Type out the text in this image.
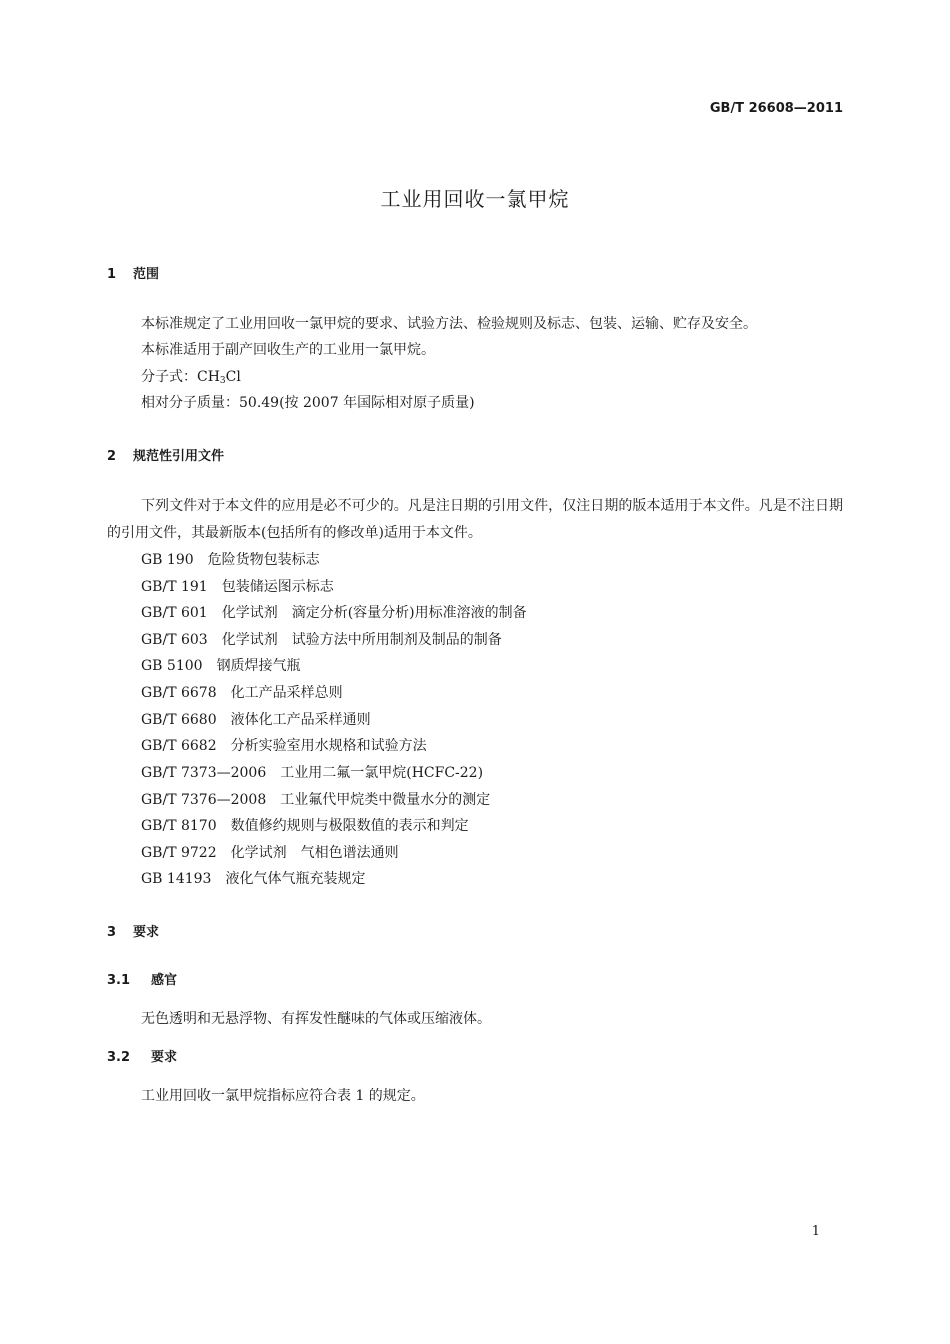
GB/T 26608—2011
工业用回收一氯甲烷
1 范围
本标准规定了工业用回收一氯甲烷的要求、试验方法、检验规则及标志、包装、运输、贮存及安全。
本标准适用于副产回收生产的工业用一氯甲烷。
分子式：$CH_3Cl$
相对分子质量：50.49(按 2007 年国际相对原子质量)
2 规范性引用文件
下列文件对于本文件的应用是必不可少的。凡是注日期的引用文件，仅注日期的版本适用于本文件。凡是不注日期的引用文件，其最新版本(包括所有的修改单)适用于本文件。
GB 190 危险货物包装标志
GB/T 191 包装储运图示标志
GB/T 601 化学试剂　滴定分析(容量分析)用标准溶液的制备
GB/T 603 化学试剂　试验方法中所用制剂及制品的制备
GB 5100 钢质焊接气瓶
GB/T 6678 化工产品采样总则
GB/T 6680 液体化工产品采样通则
GB/T 6682 分析实验室用水规格和试验方法
GB/T 7373—2006 工业用二氟一氯甲烷(HCFC-22)
GB/T 7376—2008 工业氟代甲烷类中微量水分的测定
GB/T 8170 数值修约规则与极限数值的表示和判定
GB/T 9722 化学试剂　气相色谱法通则
GB 14193 液化气体气瓶充装规定
3 要求
3.1 感官
无色透明和无悬浮物、有挥发性醚味的气体或压缩液体。
3.2 要求
工业用回收一氯甲烷指标应符合表 1 的规定。
1
